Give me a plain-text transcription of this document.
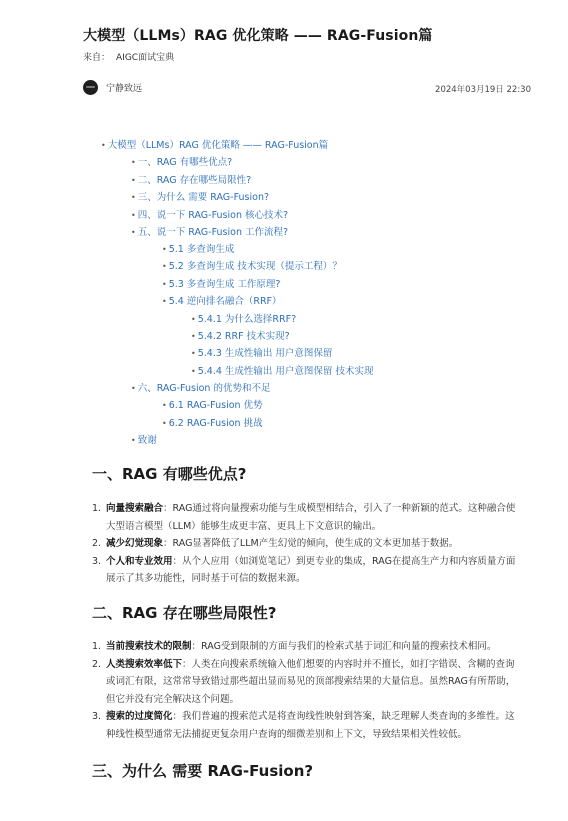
大模型（LLMs）RAG 优化策略 —— RAG-Fusion篇
来自： AIGC面试宝典
宁静致远	2024年03月19日 22:30
• 大模型（LLMs）RAG 优化策略 —— RAG-Fusion篇
• 一、RAG 有哪些优点?
• 二、RAG 存在哪些局限性?
• 三、为什么 需要 RAG-Fusion?
• 四、说一下 RAG-Fusion 核心技术?
• 五、说一下 RAG-Fusion 工作流程?
• 5.1 多查询生成
• 5.2 多查询生成 技术实现（提示工程）？
• 5.3 多查询生成 工作原理?
• 5.4 逆向排名融合（RRF）
• 5.4.1 为什么选择RRF?
• 5.4.2 RRF 技术实现?
• 5.4.3 生成性输出 用户意图保留
• 5.4.4 生成性输出 用户意图保留 技术实现
• 六、RAG-Fusion 的优势和不足
• 6.1 RAG-Fusion 优势
• 6.2 RAG-Fusion 挑战
• 致谢
一、RAG 有哪些优点?
1. 向量搜索融合：RAG通过将向量搜索功能与生成模型相结合，引入了一种新颖的范式。这种融合使大型语言模型（LLM）能够生成更丰富、更具上下文意识的输出。
2. 减少幻觉现象：RAG显著降低了LLM产生幻觉的倾向，使生成的文本更加基于数据。
3. 个人和专业效用：从个人应用（如浏览笔记）到更专业的集成，RAG在提高生产力和内容质量方面展示了其多功能性，同时基于可信的数据来源。
二、RAG 存在哪些局限性?
1. 当前搜索技术的限制：RAG受到限制的方面与我们的检索式基于词汇和向量的搜索技术相同。
2. 人类搜索效率低下：人类在向搜索系统输入他们想要的内容时并不擅长，如打字错误、含糊的查询或词汇有限，这常常导致错过那些超出显而易见的顶部搜索结果的大量信息。虽然RAG有所帮助，但它并没有完全解决这个问题。
3. 搜索的过度简化：我们普遍的搜索范式是将查询线性映射到答案，缺乏理解人类查询的多维性。这种线性模型通常无法捕捉更复杂用户查询的细微差别和上下文，导致结果相关性较低。
三、为什么 需要 RAG-Fusion?
